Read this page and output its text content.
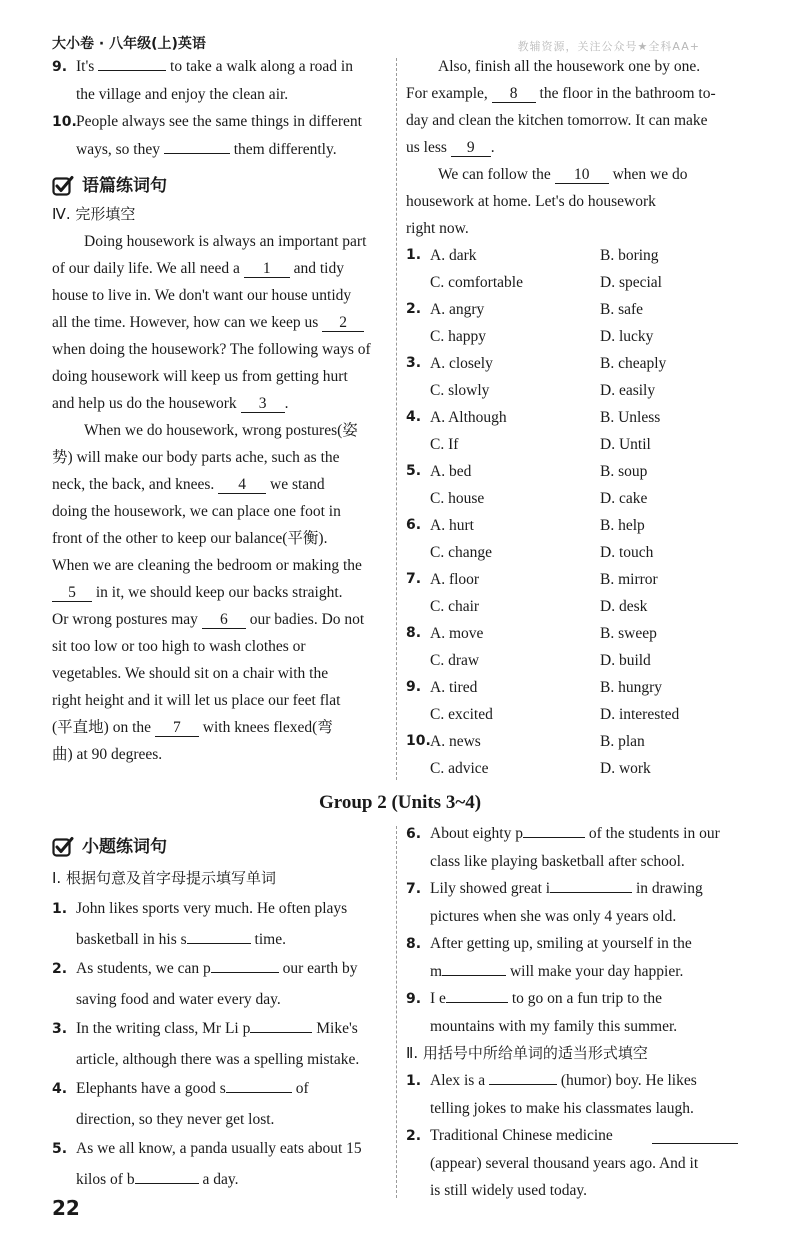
大小卷 · 八年级(上)英语	教辅资源，关注公众号★全科AA+

9. It's	to take a walk along a road in
the village and enjoy the clean air.

10.People always see the same things in different
ways, so they	them differently.

语篇练词句
Ⅳ. 完形填空

Doing housework is always an important part
of our daily life. We all need a 1 and tidy
house to live in. We don't want our house untidy
all the time. However, how can we keep us 2
when doing the housework? The following ways of
doing housework will keep us from getting hurt
and help us do the housework 3 .

When we do housework, wrong postures(姿
势) will make our body parts ache, such as the
neck, the back, and knees. 4 we stand
doing the housework, we can place one foot in
front of the other to keep our balance(平衡).
When we are cleaning the bedroom or making the
5 in it, we should keep our backs straight.
Or wrong postures may 6 our badies. Do not
sit too low or too high to wash clothes or
vegetables. We should sit on a chair with the
right height and it will let us place our feet flat
(平直地) on the 7 with knees flexed(弯
曲) at 90 degrees.

Also, finish all the housework one by one.
For example, 8 the floor in the bathroom to-
day and clean the kitchen tomorrow. It can make
us less 9 .

We can follow the 10 when we do
housework at home. Let's do housework
right now.

1. A. dark	B. boring
C. comfortable	D. special
2. A. angry	B. safe
C. happy	D. lucky
3. A. closely	B. cheaply
C. slowly	D. easily
4. A. Although	B. Unless
C. If	D. Until
5. A. bed	B. soup
C. house	D. cake
6. A. hurt	B. help
C. change	D. touch
7. A. floor	B. mirror
C. chair	D. desk
8. A. move	B. sweep
C. draw	D. build
9. A. tired	B. hungry
C. excited	D. interested
10. A. news	B. plan
C. advice	D. work
Group 2 (Units 3~4)
小题练词句
Ⅰ. 根据句意及首字母提示填写单词

1. John likes sports very much. He often plays
basketball in his s	time.

2. As students, we can p	our earth by
saving food and water every day.

3. In the writing class, Mr Li p	Mike's
article, although there was a spelling mistake.

4. Elephants have a good s	of
direction, so they never get lost.

5. As we all know, a panda usually eats about 15
kilos of b	a day.

6. About eighty p	of the students in our
class like playing basketball after school.

7. Lily showed great i	in drawing
pictures when she was only 4 years old.

8. After getting up, smiling at yourself in the
m	will make your day happier.

9. I e	to go on a fun trip to the
mountains with my family this summer.

Ⅱ. 用括号中所给单词的适当形式填空

1. Alex is a	(humor) boy. He likes
telling jokes to make his classmates laugh.

2. Traditional Chinese medicine

(appear) several thousand years ago. And it
is still widely used today.

22
